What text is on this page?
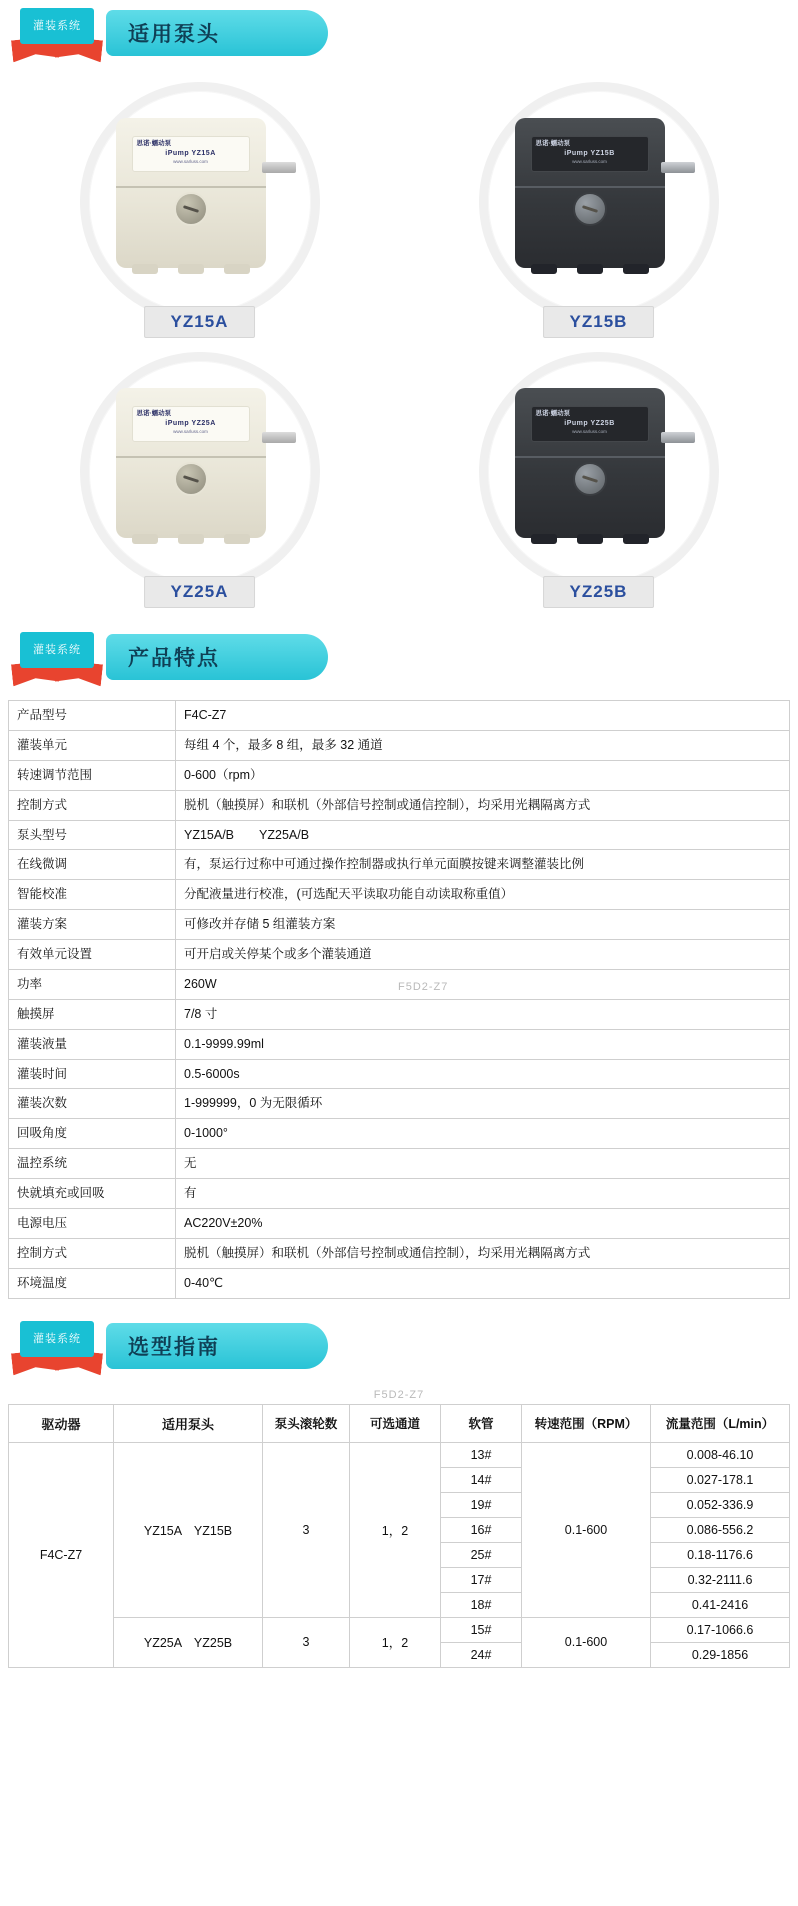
灌装系统	适用泵头
思诺·蠕动泵
iPump YZ15A
www.sarluss.com
YZ15A
思诺·蠕动泵
iPump YZ15B
www.sarluss.com
YZ15B
思诺·蠕动泵
iPump YZ25A
www.sarluss.com
YZ25A
思诺·蠕动泵
iPump YZ25B
www.sarluss.com
YZ25B
灌装系统	产品特点
F5D2-Z7
产品型号	F4C-Z7
灌装单元	每组 4 个，最多 8 组，最多 32 通道
转速调节范围	0-600（rpm）
控制方式	脱机（触摸屏）和联机（外部信号控制或通信控制），均采用光耦隔离方式
泵头型号	YZ15A/B　　YZ25A/B
在线微调	有，泵运行过称中可通过操作控制器或执行单元面膜按键来调整灌装比例
智能校准	分配液量进行校准，(可选配天平读取功能自动读取称重值）
灌装方案	可修改并存储 5 组灌装方案
有效单元设置	可开启或关停某个或多个灌装通道
功率	260W
触摸屏	7/8 寸
灌装液量	0.1-9999.99ml
灌装时间	0.5-6000s
灌装次数	1-999999，0 为无限循环
回吸角度	0-1000°
温控系统	无
快就填充或回吸	有
电源电压	AC220V±20%
控制方式	脱机（触摸屏）和联机（外部信号控制或通信控制），均采用光耦隔离方式
环境温度	0-40℃
灌装系统	选型指南
F5D2-Z7
驱动器	适用泵头	泵头滚轮数	可选通道	软管	转速范围（RPM）	流量范围（L/min）
F4C-Z7	YZ15A　YZ15B	3	1，2	13#	0.1-600	0.008-46.10
				14#		0.027-178.1
				19#		0.052-336.9
				16#		0.086-556.2
				25#		0.18-1176.6
				17#		0.32-2111.6
				18#		0.41-2416
	YZ25A　YZ25B	3	1，2	15#	0.1-600	0.17-1066.6
				24#		0.29-1856
